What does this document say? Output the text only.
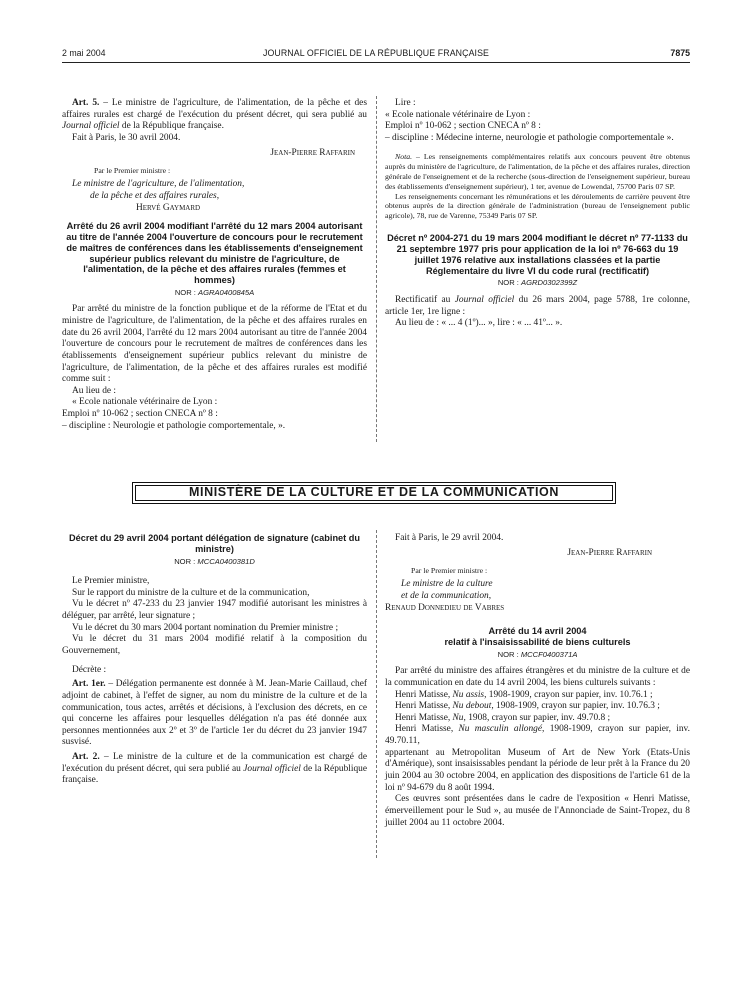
2 mai 2004	JOURNAL OFFICIEL DE LA RÉPUBLIQUE FRANÇAISE	7875

Art. 5. – Le ministre de l'agriculture, de l'alimentation, de la pêche et des affaires rurales est chargé de l'exécution du présent décret, qui sera publié au Journal officiel de la République française.

Fait à Paris, le 30 avril 2004.

Jean-Pierre Raffarin

Par le Premier ministre :

Le ministre de l'agriculture, de l'alimentation,

de la pêche et des affaires rurales,

Hervé Gaymard

Arrêté du 26 avril 2004 modifiant l'arrêté du 12 mars 2004 autorisant au titre de l'année 2004 l'ouverture de concours pour le recrutement de maîtres de conférences dans les établissements d'enseignement supérieur publics relevant du ministre de l'agriculture, de l'alimentation, de la pêche et des affaires rurales (femmes et hommes)

NOR : AGRA0400845A

Par arrêté du ministre de la fonction publique et de la réforme de l'Etat et du ministre de l'agriculture, de l'alimentation, de la pêche et des affaires rurales en date du 26 avril 2004, l'arrêté du 12 mars 2004 autorisant au titre de l'année 2004 l'ouverture de concours pour le recrutement de maîtres de conférences dans les établissements d'enseignement supérieur publics relevant du ministre de l'agriculture, de l'alimentation, de la pêche et des affaires rurales est modifié comme suit :

Au lieu de :

« Ecole nationale vétérinaire de Lyon :

Emploi nº 10-062 ; section CNECA nº 8 :

– discipline : Neurologie et pathologie comportementale, ».

Lire :

« Ecole nationale vétérinaire de Lyon :

Emploi nº 10-062 ; section CNECA nº 8 :

– discipline : Médecine interne, neurologie et pathologie comportementale ».

Nota. – Les renseignements complémentaires relatifs aux concours peuvent être obtenus auprès du ministère de l'agriculture, de l'alimentation, de la pêche et des affaires rurales, direction générale de l'enseignement et de la recherche (sous-direction de l'enseignement supérieur, bureau des établissements d'enseignement supérieur), 1 ter, avenue de Lowendal, 75700 Paris 07 SP.

Les renseignements concernant les rémunérations et les déroulements de carrière peuvent être obtenus auprès de la direction générale de l'administration (bureau de l'enseignement public agricole), 78, rue de Varenne, 75349 Paris 07 SP.

Décret nº 2004-271 du 19 mars 2004 modifiant le décret nº 77-1133 du 21 septembre 1977 pris pour application de la loi nº 76-663 du 19 juillet 1976 relative aux installations classées et la partie Réglementaire du livre VI du code rural (rectificatif)

NOR : AGRD0302399Z

Rectificatif au Journal officiel du 26 mars 2004, page 5788, 1re colonne, article 1er, 1re ligne :

Au lieu de : « ... 4 (1º)... », lire : « ... 41º... ».

MINISTÈRE DE LA CULTURE ET DE LA COMMUNICATION

Décret du 29 avril 2004 portant délégation de signature (cabinet du ministre)

NOR : MCCA0400381D

Le Premier ministre,

Sur le rapport du ministre de la culture et de la communication,

Vu le décret nº 47-233 du 23 janvier 1947 modifié autorisant les ministres à déléguer, par arrêté, leur signature ;

Vu le décret du 30 mars 2004 portant nomination du Premier ministre ;

Vu le décret du 31 mars 2004 modifié relatif à la composition du Gouvernement,

Décrète :

Art. 1er. – Délégation permanente est donnée à M. Jean-Marie Caillaud, chef adjoint de cabinet, à l'effet de signer, au nom du ministre de la culture et de la communication, tous actes, arrêtés et décisions, à l'exclusion des décrets, en ce qui concerne les affaires pour lesquelles délégation n'a pas été donnée aux personnes mentionnées aux 2º et 3º de l'article 1er du décret du 23 janvier 1947 susvisé.

Art. 2. – Le ministre de la culture et de la communication est chargé de l'exécution du présent décret, qui sera publié au Journal officiel de la République française.

Fait à Paris, le 29 avril 2004.

Jean-Pierre Raffarin

Par le Premier ministre :

Le ministre de la culture

et de la communication,

Renaud Donnedieu de Vabres

Arrêté du 14 avril 2004

relatif à l'insaisissabilité de biens culturels

NOR : MCCF0400371A

Par arrêté du ministre des affaires étrangères et du ministre de la culture et de la communication en date du 14 avril 2004, les biens culturels suivants :

Henri Matisse, Nu assis, 1908-1909, crayon sur papier, inv. 10.76.1 ;

Henri Matisse, Nu debout, 1908-1909, crayon sur papier, inv. 10.76.3 ;

Henri Matisse, Nu, 1908, crayon sur papier, inv. 49.70.8 ;

Henri Matisse, Nu masculin allongé, 1908-1909, crayon sur papier, inv. 49.70.11,

appartenant au Metropolitan Museum of Art de New York (Etats-Unis d'Amérique), sont insaisissables pendant la période de leur prêt à la France du 20 juin 2004 au 30 octobre 2004, en application des dispositions de l'article 61 de la loi nº 94-679 du 8 août 1994.

Ces œuvres sont présentées dans le cadre de l'exposition « Henri Matisse, émerveillement pour le Sud », au musée de l'Annonciade de Saint-Tropez, du 8 juillet 2004 au 11 octobre 2004.
